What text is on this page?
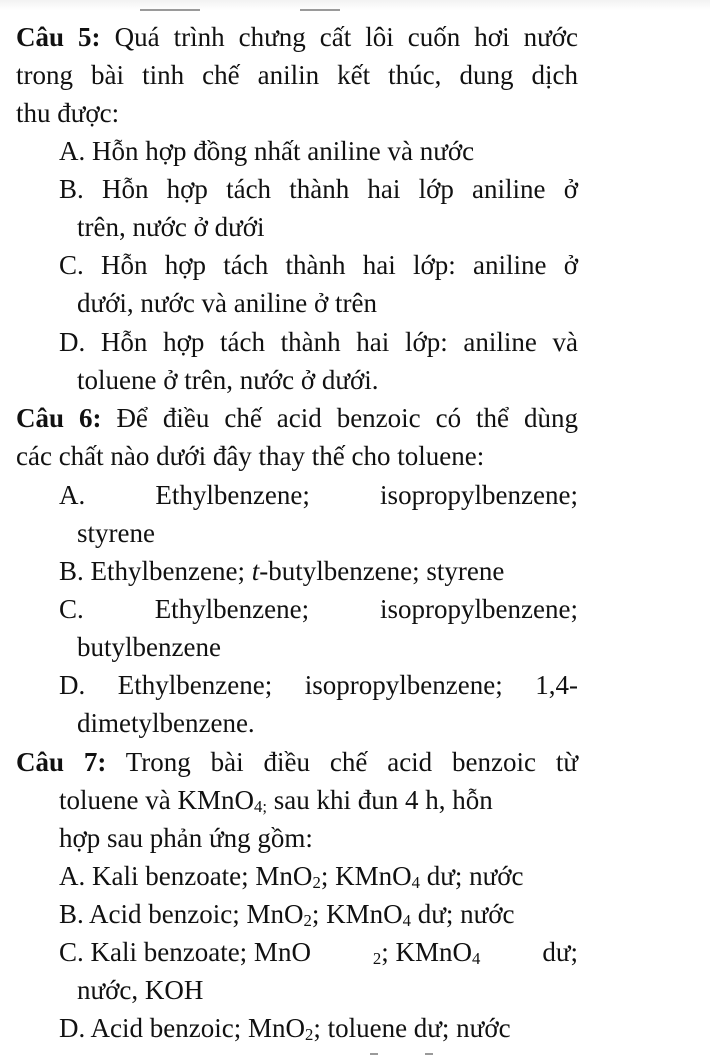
Câu 5: Quá trình chưng cất lôi cuốn hơi nước
trong bài tinh chế anilin kết thúc, dung dịch
thu được:
A. Hỗn hợp đồng nhất aniline và nước
B. Hỗn hợp tách thành hai lớp aniline ở
trên, nước ở dưới
C. Hỗn hợp tách thành hai lớp: aniline ở
dưới, nước và aniline ở trên
D. Hỗn hợp tách thành hai lớp: aniline và
toluene ở trên, nước ở dưới.
Câu 6: Để điều chế acid benzoic có thể dùng
các chất nào dưới đây thay thế cho toluene:
A. Ethylbenzene; isopropylbenzene;
styrene
B. Ethylbenzene; t-butylbenzene; styrene
C. Ethylbenzene; isopropylbenzene;
butylbenzene
D. Ethylbenzene; isopropylbenzene; 1,4-
dimetylbenzene.
Câu 7: Trong bài điều chế acid benzoic từ
toluene và KMnO$_{4;}$ sau khi đun 4 h, hỗn
hợp sau phản ứng gồm:
A. Kali benzoate; MnO$_2$; KMnO$_4$ dư; nước
B. Acid benzoic; MnO$_2$; KMnO$_4$ dư; nước
C. Kali benzoate; MnO	$_2$; KMnO$_4$ dư;
nước, KOH
D. Acid benzoic; MnO$_2$; toluene dư; nước
